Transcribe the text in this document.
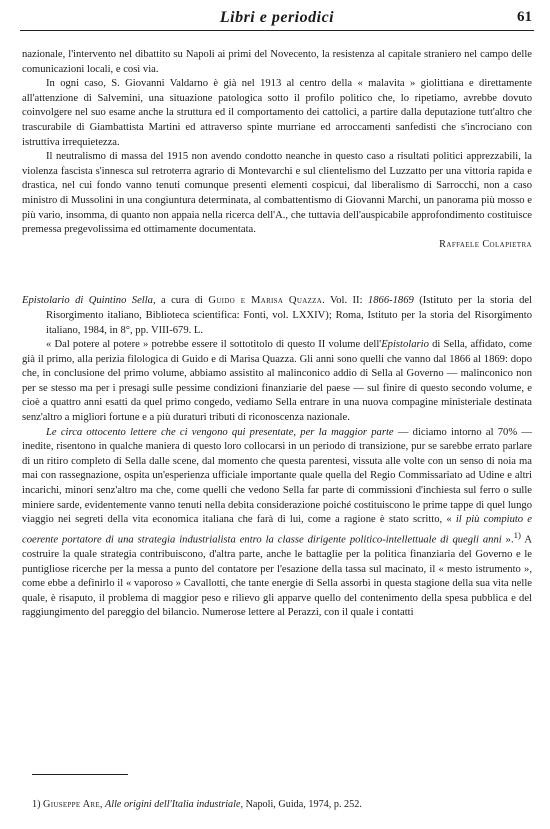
Libri e periodici	61

nazionale, l'intervento nel dibattito su Napoli ai primi del Novecento, la resistenza al capitale straniero nel campo delle comunicazioni locali, e così via.

In ogni caso, S. Giovanni Valdarno è già nel 1913 al centro della « malavita » giolittiana e direttamente all'attenzione di Salvemini, una situazione patologica sotto il profilo politico che, lo ripetiamo, avrebbe dovuto coinvolgere nel suo esame anche la struttura ed il comportamento dei cattolici, a partire dalla deputazione tutt'altro che trascurabile di Giambattista Martini ed attraverso spinte murriane ed arroccamenti sanfedisti che s'incrociano con istruttiva irrequietezza.

Il neutralismo di massa del 1915 non avendo condotto neanche in questo caso a risultati politici apprezzabili, la violenza fascista s'innesca sul retroterra agrario di Montevarchi e sul clientelismo del Luzzatto per una vittoria rapida e drastica, nel cui fondo vanno tenuti comunque presenti elementi cospicui, dal liberalismo di Sarrocchi, non a caso ministro di Mussolini in una congiuntura determinata, al combattentismo di Giovanni Marchi, un panorama più mosso e più vario, insomma, di quanto non appaia nella ricerca dell'A., che tuttavia dell'auspicabile approfondimento costituisce premessa pregevolissima ed ottimamente documentata.

Raffaele Colapietra

Epistolario di Quintino Sella, a cura di Guido e Marisa Quazza. Vol. II: 1866-1869 (Istituto per la storia del Risorgimento italiano, Biblioteca scientifica: Fonti, vol. LXXIV); Roma, Istituto per la storia del Risorgimento italiano, 1984, in 8°, pp. VIII-679. L.

« Dal potere al potere » potrebbe essere il sottotitolo di questo II volume dell'Epistolario di Sella, affidato, come già il primo, alla perizia filologica di Guido e di Marisa Quazza. Gli anni sono quelli che vanno dal 1866 al 1869: dopo che, in conclusione del primo volume, abbiamo assistito al malinconico addio di Sella al Governo — malinconico non per se stesso ma per i presagi sulle pessime condizioni finanziarie del paese — sul finire di questo secondo volume, e cioè a quattro anni esatti da quel primo congedo, vediamo Sella entrare in una nuova compagine ministeriale destinata senz'altro a migliori fortune e a più duraturi tributi di riconoscenza nazionale.

Le circa ottocento lettere che ci vengono qui presentate, per la maggior parte — diciamo intorno al 70% — inedite, risentono in qualche maniera di questo loro collocarsi in un periodo di transizione, pur se sarebbe errato parlare di un ritiro completo di Sella dalle scene, dal momento che questa parentesi, vissuta alle volte con un senso di noia ma mai con rassegnazione, ospita un'esperienza ufficiale importante quale quella del Regio Commissariato ad Udine e altri incarichi, minori senz'altro ma che, come quelli che vedono Sella far parte di commissioni d'inchiesta sul ferro o sulle miniere sarde, evidentemente vanno tenuti nella debita considerazione poiché costituiscono le prime tappe di quel lungo viaggio nei segreti della vita economica italiana che farà di lui, come a ragione è stato scritto, « il più compiuto e coerente portatore di una strategia industrialista entro la classe dirigente politico-intellettuale di quegli anni ».$^{1)}$ A costruire la quale strategia contribuiscono, d'altra parte, anche le battaglie per la politica finanziaria del Governo e le puntigliose ricerche per la messa a punto del contatore per l'esazione della tassa sul macinato, il « mesto istrumento », come ebbe a definirlo il « vaporoso » Cavallotti, che tante energie di Sella assorbì in questa stagione della sua vita nelle quale, è risaputo, il problema di maggior peso e rilievo gli apparve quello del contenimento della spesa pubblica e del raggiungimento del pareggio del bilancio. Numerose lettere al Perazzi, con il quale i contatti

1) Giuseppe Are, Alle origini dell'Italia industriale, Napoli, Guida, 1974, p. 252.
